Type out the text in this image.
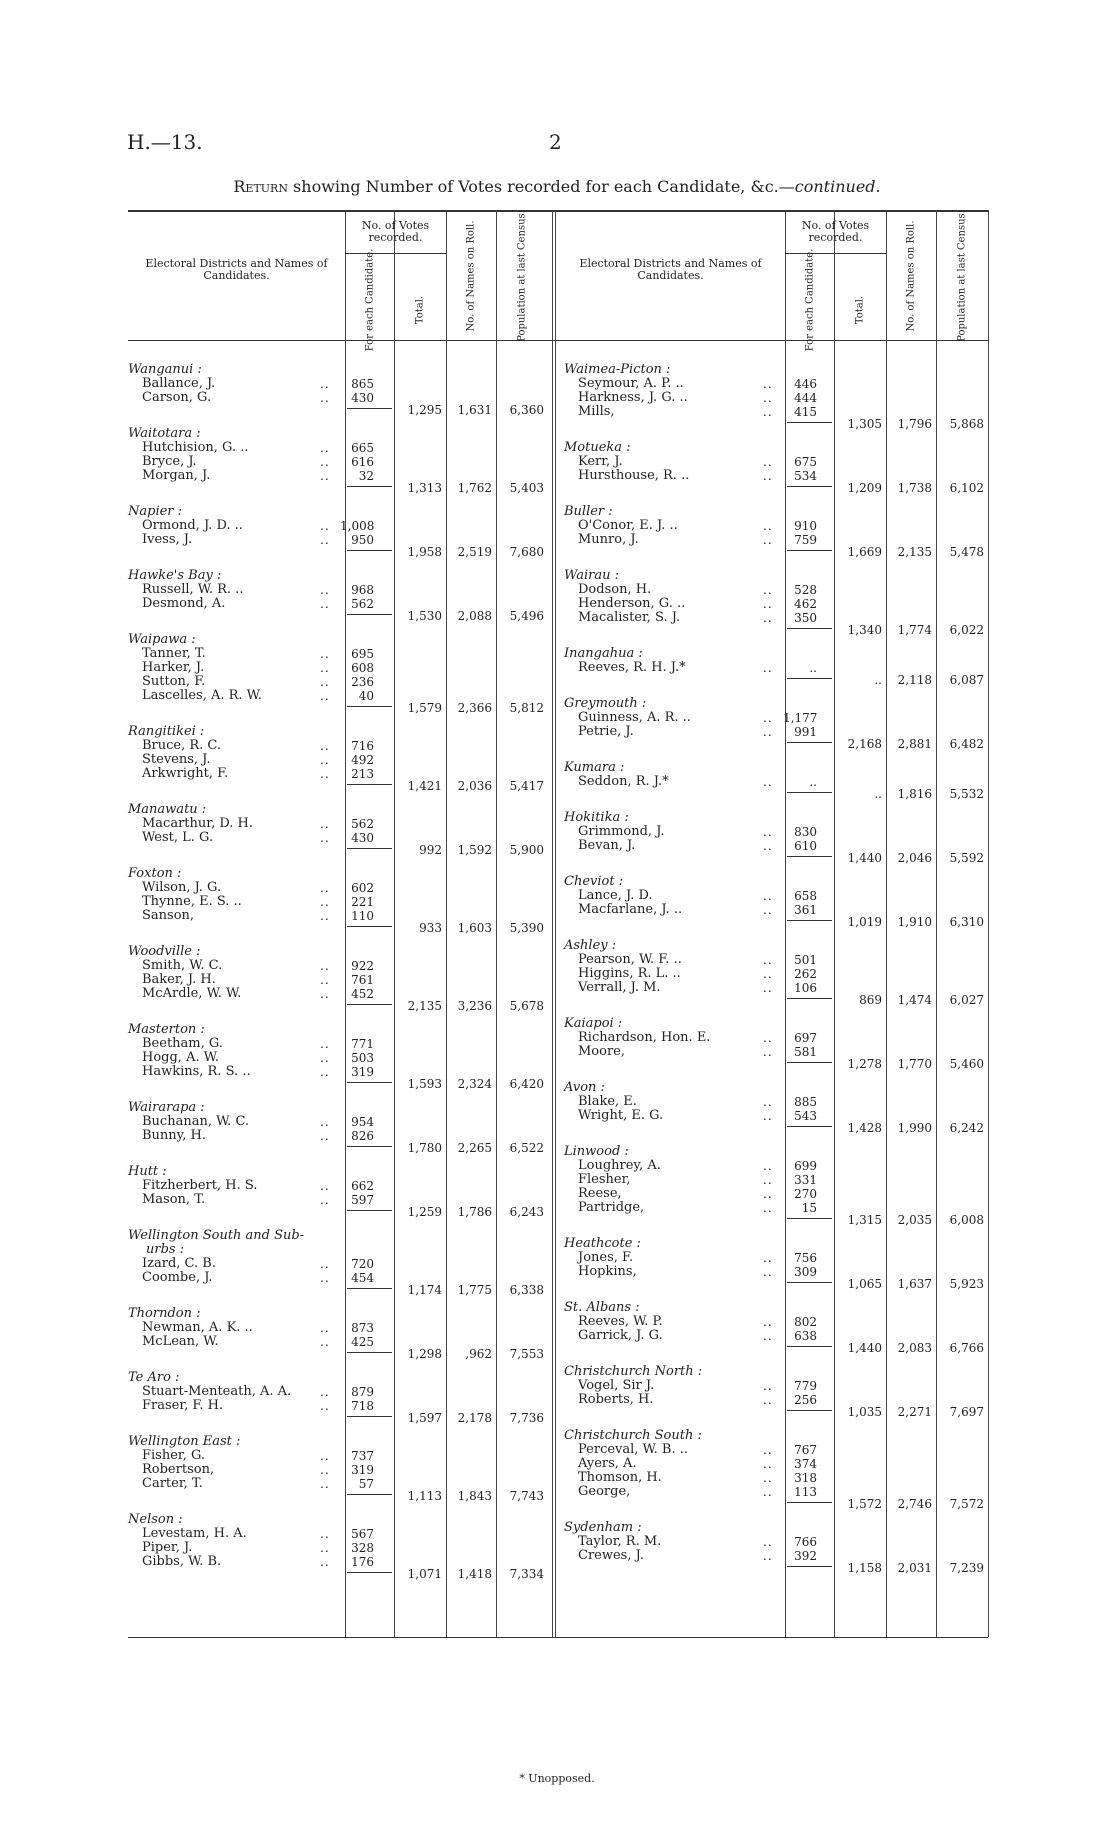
H.—13.	2
Return showing Number of Votes recorded for each Candidate, &c.—continued.
Electoral Districts and Names of Candidates.
No. of Votes recorded.
For each Candidate.	Total.	No. of Names on Roll.	Population at last Census.
Wanganui :
Ballance, J.	..	865
Carson, G.	..	430
1,295	1,631	6,360
Waitotara :
Hutchision, G. ..	..	665
Bryce, J.	..	616
Morgan, J.	..	32
1,313	1,762	5,403
Napier :
Ormond, J. D. ..	.. 1,008
Ivess, J.	..	950
1,958	2,519	7,680
Hawke's Bay :
Russell, W. R. ..	..	968
Desmond, A.	..	562
1,530	2,088	5,496
Waipawa :
Tanner, T.	..	695
Harker, J.	..	608
Sutton, F.	..	236
Lascelles, A. R. W.	..	40
1,579	2,366	5,812
Rangitikei :
Bruce, R. C.	..	716
Stevens, J.	..	492
Arkwright, F.	..	213
1,421	2,036	5,417
Manawatu :
Macarthur, D. H.	..	562
West, L. G.	..	430
992	1,592	5,900
Foxton :
Wilson, J. G.	..	602
Thynne, E. S. ..	..	221
Sanson,	..	110
933	1,603	5,390
Woodville :
Smith, W. C.	..	922
Baker, J. H.	..	761
McArdle, W. W.	..	452
2,135	3,236	5,678
Masterton :
Beetham, G.	..	771
Hogg, A. W.	..	503
Hawkins, R. S. ..	..	319
1,593	2,324	6,420
Wairarapa :
Buchanan, W. C.	..	954
Bunny, H.	..	826
1,780	2,265	6,522
Hutt :
Fitzherbert, H. S.	..	662
Mason, T.	..	597
1,259	1,786	6,243
Wellington South and Sub-
urbs :
Izard, C. B.	..	720
Coombe, J.	..	454
1,174	1,775	6,338
Thorndon :
Newman, A. K. ..	..	873
McLean, W.	..	425
1,298	,962	7,553
Te Aro :
Stuart-Menteath, A. A. ..	879
Fraser, F. H.	..	718
1,597	2,178	7,736
Wellington East :
Fisher, G.	..	737
Robertson,	..	319
Carter, T.	..	57
1,113	1,843	7,743
Nelson :
Levestam, H. A.	..	567
Piper, J.	..	328
Gibbs, W. B.	..	176
1,071	1,418	7,334
Electoral Districts and Names of Candidates.
No. of Votes recorded.
For each Candidate.	Total.	No. of Names on Roll.	Population at last Census.
Waimea-Picton :
Seymour, A. P. ..	..	446
Harkness, J. G. ..	..	444
Mills,	..	415
1,305	1,796	5,868
Motueka :
Kerr, J.	..	675
Hursthouse, R. ..	..	534
1,209	1,738	6,102
Buller :
O'Conor, E. J. ..	..	910
Munro, J.	..	759
1,669	2,135	5,478
Wairau :
Dodson, H.	..	528
Henderson, G. ..	..	462
Macalister, S. J.	..	350
1,340	1,774	6,022
Inangahua :
Reeves, R. H. J.*	..	..
..	2,118	6,087
Greymouth :
Guinness, A. R. ..	.. 1,177
Petrie, J.	..	991
2,168	2,881	6,482
Kumara :
Seddon, R. J.*	..	..
..	1,816	5,532
Hokitika :
Grimmond, J.	..	830
Bevan, J.	..	610
1,440	2,046	5,592
Cheviot :
Lance, J. D.	..	658
Macfarlane, J. ..	..	361
1,019	1,910	6,310
Ashley :
Pearson, W. F. ..	..	501
Higgins, R. L. ..	..	262
Verrall, J. M.	..	106
869	1,474	6,027
Kaiapoi :
Richardson, Hon. E.	..	697
Moore,	..	581
1,278	1,770	5,460
Avon :
Blake, E.	..	885
Wright, E. G.	..	543
1,428	1,990	6,242
Linwood :
Loughrey, A.	..	699
Flesher,	..	331
Reese,	..	270
Partridge,	..	15
1,315	2,035	6,008
Heathcote :
Jones, F.	..	756
Hopkins,	..	309
1,065	1,637	5,923
St. Albans :
Reeves, W. P.	..	802
Garrick, J. G.	..	638
1,440	2,083	6,766
Christchurch North :
Vogel, Sir J.	..	779
Roberts, H.	..	256
1,035	2,271	7,697
Christchurch South :
Perceval, W. B. ..	..	767
Ayers, A.	..	374
Thomson, H.	..	318
George,	..	113
1,572	2,746	7,572
Sydenham :
Taylor, R. M.	..	766
Crewes, J.	..	392
1,158	2,031	7,239
* Unopposed.
